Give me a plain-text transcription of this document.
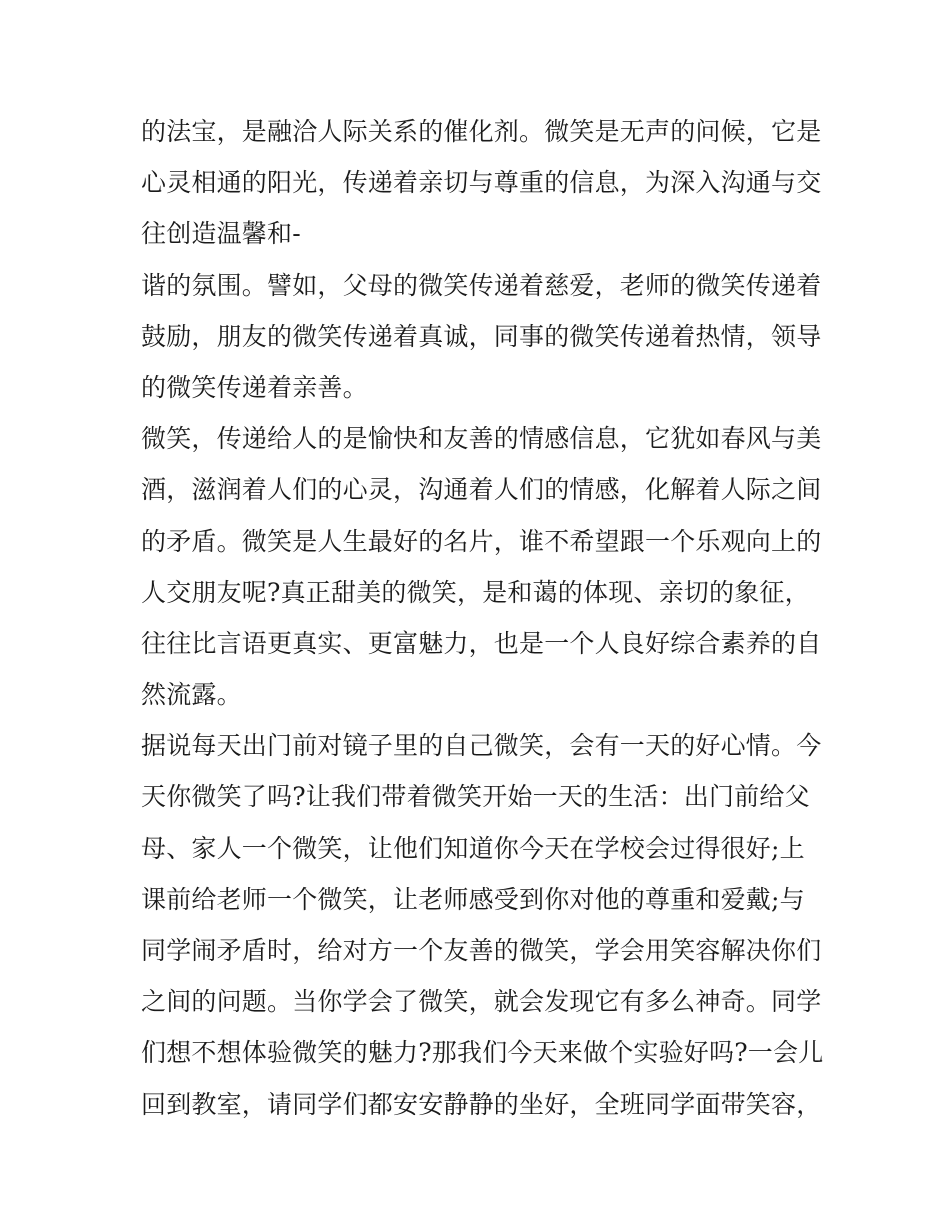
的法宝，是融洽人际关系的催化剂。微笑是无声的问候，它是
心灵相通的阳光，传递着亲切与尊重的信息，为深入沟通与交
往创造温馨和-
谐的氛围。譬如，父母的微笑传递着慈爱，老师的微笑传递着
鼓励，朋友的微笑传递着真诚，同事的微笑传递着热情，领导
的微笑传递着亲善。
微笑，传递给人的是愉快和友善的情感信息，它犹如春风与美
酒，滋润着人们的心灵，沟通着人们的情感，化解着人际之间
的矛盾。微笑是人生最好的名片，谁不希望跟一个乐观向上的
人交朋友呢?真正甜美的微笑，是和蔼的体现、亲切的象征，
往往比言语更真实、更富魅力，也是一个人良好综合素养的自
然流露。
据说每天出门前对镜子里的自己微笑，会有一天的好心情。今
天你微笑了吗?让我们带着微笑开始一天的生活：出门前给父
母、家人一个微笑，让他们知道你今天在学校会过得很好;上
课前给老师一个微笑，让老师感受到你对他的尊重和爱戴;与
同学闹矛盾时，给对方一个友善的微笑，学会用笑容解决你们
之间的问题。当你学会了微笑，就会发现它有多么神奇。同学
们想不想体验微笑的魅力?那我们今天来做个实验好吗?一会儿
回到教室，请同学们都安安静静的坐好，全班同学面带笑容，
